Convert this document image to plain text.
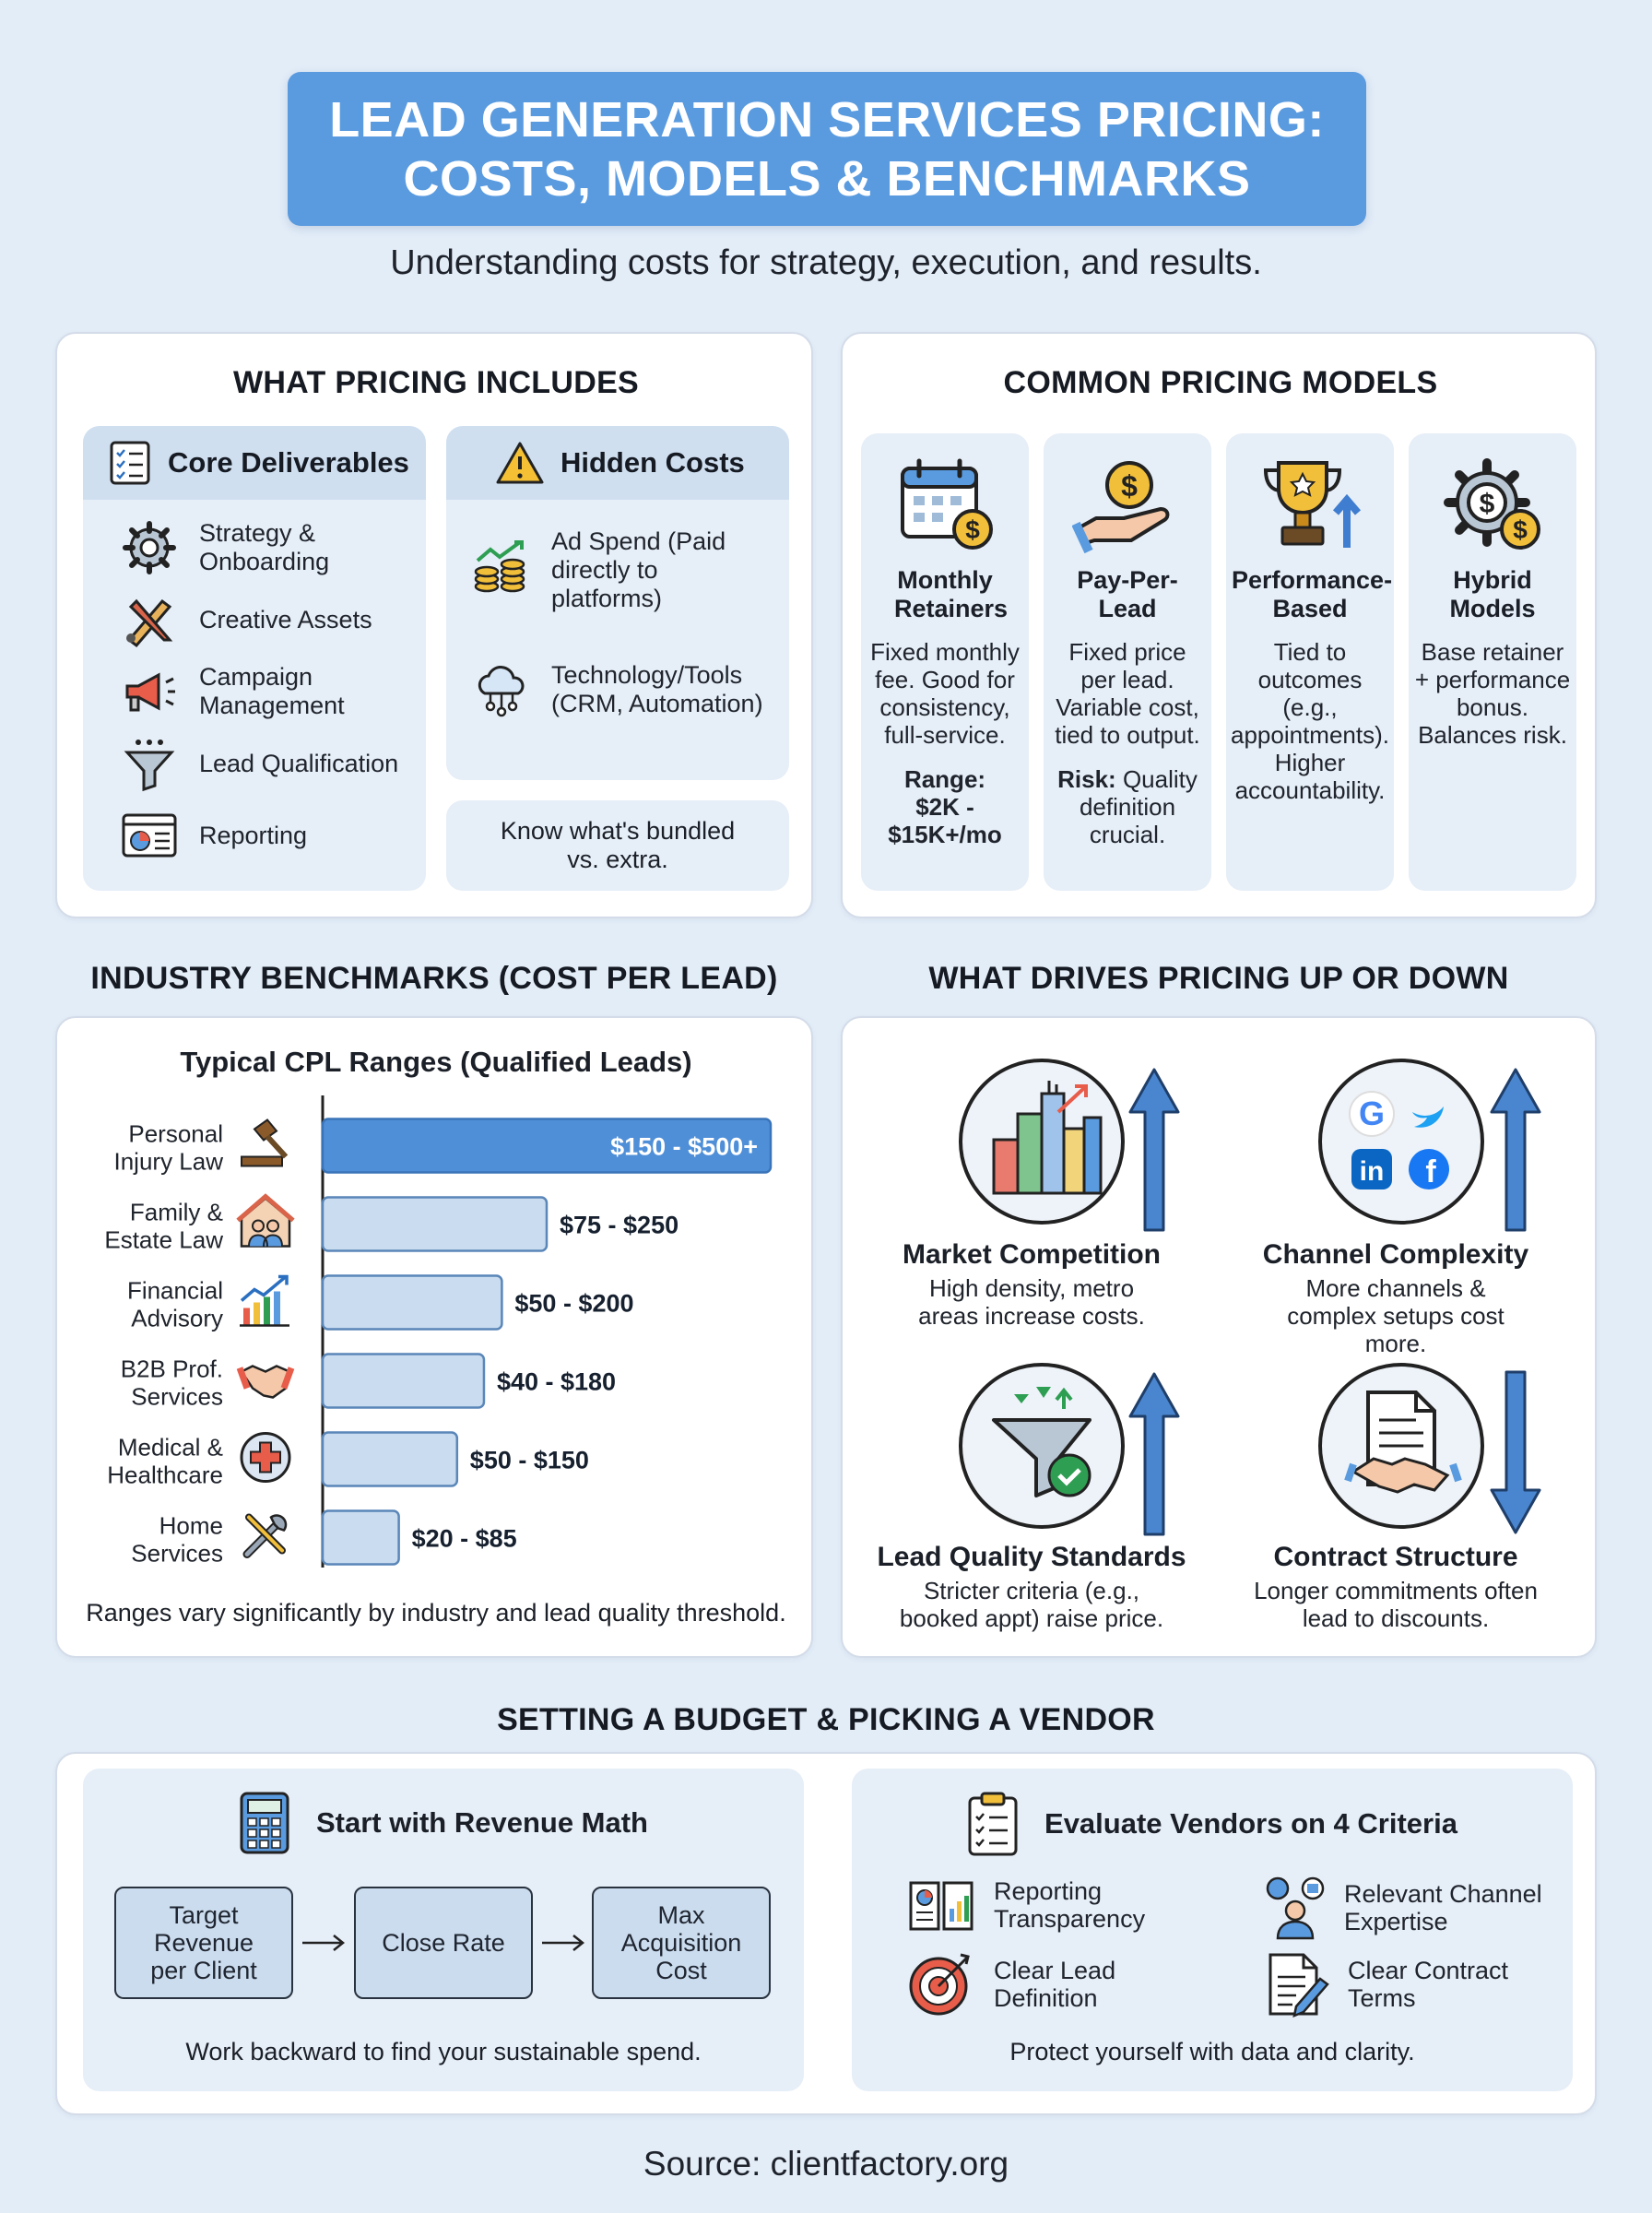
LEAD GENERATION SERVICES PRICING:
COSTS, MODELS & BENCHMARKS
Understanding costs for strategy, execution, and results.
WHAT PRICING INCLUDES
Core Deliverables
Strategy & Onboarding
Creative Assets
Campaign Management
Lead Qualification
Reporting
Hidden Costs
Ad Spend (Paid directly to platforms)
Technology/Tools (CRM, Automation)
Know what's bundled vs. extra.
COMMON PRICING MODELS
$
Monthly Retainers
Fixed monthly fee. Good for consistency, full-service.
Range: $2K - $15K+/mo
$
Pay-Per-Lead
Fixed price per lead. Variable cost, tied to output.
Risk: Quality definition crucial.
Performance-Based
Tied to outcomes (e.g., appointments). Higher accountability.
$
$
Hybrid Models
Base retainer + performance bonus. Balances risk.
INDUSTRY BENCHMARKS (COST PER LEAD)
Typical CPL Ranges (Qualified Leads)
Personal Injury Law
$150 - $500+
Family & Estate Law
$75 - $250
Financial Advisory
$50 - $200
B2B Prof. Services
$40 - $180
Medical & Healthcare
$50 - $150
Home Services
$20 - $85
Ranges vary significantly by industry and lead quality threshold.
WHAT DRIVES PRICING UP OR DOWN
Market Competition
High density, metro areas increase costs.
G
in f
Channel Complexity
More channels & complex setups cost more.
Lead Quality Standards
Stricter criteria (e.g., booked appt) raise price.
Contract Structure
Longer commitments often lead to discounts.
SETTING A BUDGET & PICKING A VENDOR
Start with Revenue Math
Target Revenue per Client
Close Rate
Max Acquisition Cost
Work backward to find your sustainable spend.
Evaluate Vendors on 4 Criteria
Reporting Transparency
Relevant Channel Expertise
Clear Lead Definition
Clear Contract Terms
Protect yourself with data and clarity.
Source: clientfactory.org
